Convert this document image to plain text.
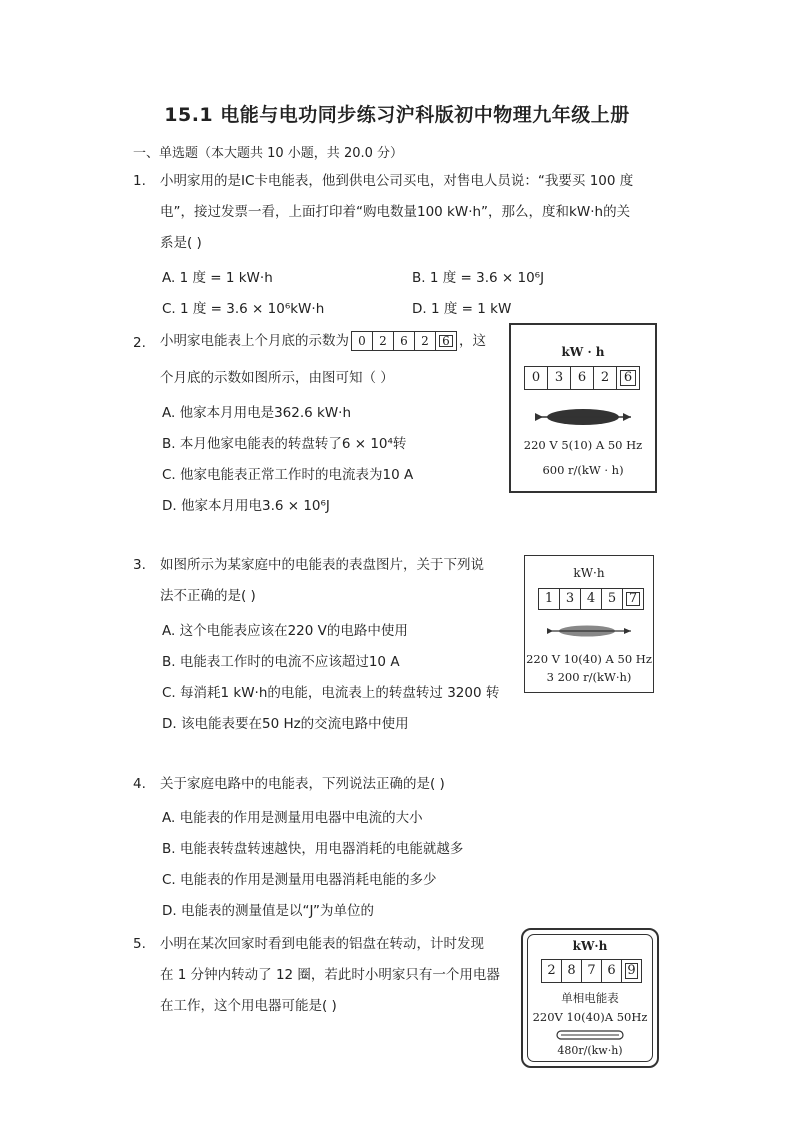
15.1 电能与电功同步练习沪科版初中物理九年级上册
一、单选题（本大题共 10 小题，共 20.0 分）
1. 小明家用的是IC卡电能表，他到供电公司买电，对售电人员说：“我要买 100 度
电”，接过发票一看，上面打印着“购电数量100 kW·h”，那么，度和kW·h的关
系是( )
A. 1 度 = 1 kW·h	B. 1 度 = 3.6 × 10⁶J
C. 1 度 = 3.6 × 10⁶kW·h	D. 1 度 = 1 kW
2. 小明家电能表上个月底的示数为 0	2	6	2	6 ，这
个月底的示数如图所示，由图可知（ ）
A. 他家本月用电是362.6 kW·h
B. 本月他家电能表的转盘转了6 × 10⁴转
C. 他家电能表正常工作时的电流表为10 A
D. 他家本月用电3.6 × 10⁶J
kW · h
0	3	6	2	6
220 V 5(10) A 50 Hz
600 r/(kW · h)
3. 如图所示为某家庭中的电能表的表盘图片，关于下列说
法不正确的是( )
A. 这个电能表应该在220 V的电路中使用
B. 电能表工作时的电流不应该超过10 A
C. 每消耗1 kW·h的电能，电流表上的转盘转过 3200 转
D. 该电能表要在50 Hz的交流电路中使用
kW·h
1 3 4 5 7
220 V 10(40) A 50 Hz
3 200 r/(kW·h)
4. 关于家庭电路中的电能表，下列说法正确的是( )
A. 电能表的作用是测量用电器中电流的大小
B. 电能表转盘转速越快，用电器消耗的电能就越多
C. 电能表的作用是测量用电器消耗电能的多少
D. 电能表的测量值是以“J”为单位的
5. 小明在某次回家时看到电能表的铝盘在转动，计时发现
在 1 分钟内转动了 12 圈，若此时小明家只有一个用电器
在工作，这个用电器可能是( )
kW·h
2 8 7 6 9
单相电能表
220V 10(40)A 50Hz
480r/(kw·h)
